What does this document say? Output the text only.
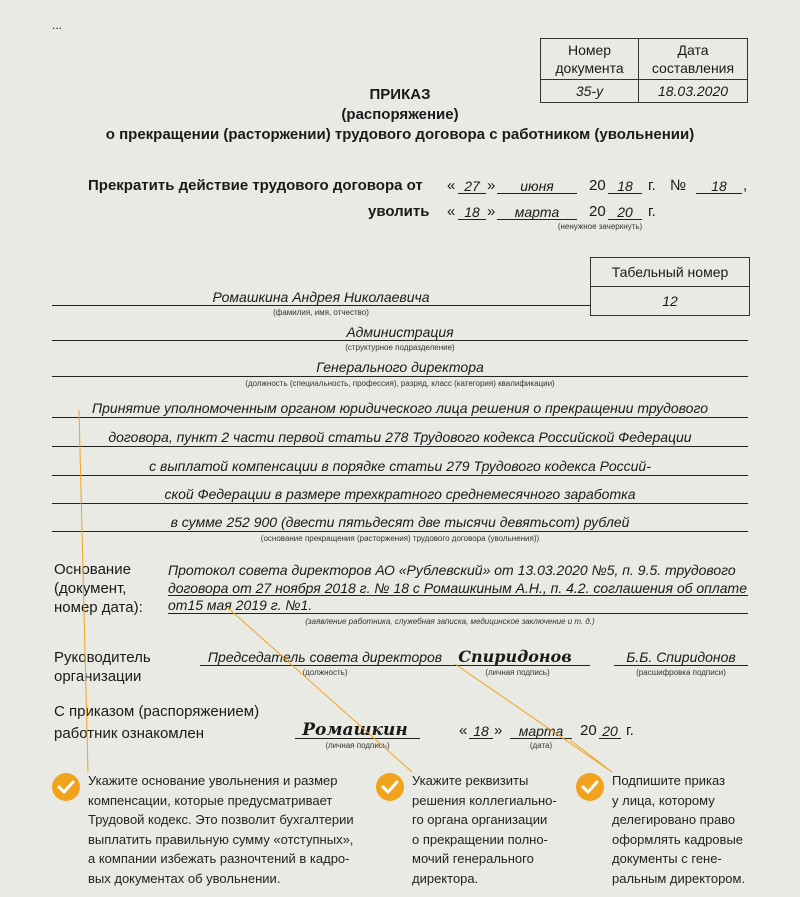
...
Номер
документа	Дата
составления
35-у	18.03.2020
ПРИКАЗ
(распоряжение)
о прекращении (расторжении) трудового договора с работником (увольнении)
Прекратить действие трудового договора от « 27 »	июня	20 18	г. №	18	,
уволить « 18 »	марта	20 20	г.
(ненужное зачеркнуть)
Табельный номер
12
Ромашкина Андрея Николаевича
(фамилия, имя, отчество)
Администрация
(структурное подразделение)
Генерального директора
(должность (специальность, профессия), разряд, класс (категория) квалификации)
Принятие уполномоченным органом юридического лица решения о прекращении трудового
договора, пункт 2 части первой статьи 278 Трудового кодекса Российской Федерации
с выплатой компенсации в порядке статьи 279 Трудового кодекса Россий-
ской Федерации в размере трехкратного среднемесячного заработка
в сумме 252 900 (двести пятьдесят две тысячи девятьсот) рублей
(основание прекращения (расторжения) трудового договора (увольнения))
Основание
(документ,
номер дата):
Протокол совета директоров АО «Рублевский» от 13.03.2020 №5, п. 9.5. трудового
договора от 27 ноября 2018 г. № 18 с Ромашкиным А.Н., п. 4.2. соглашения об оплате
от15 мая 2019 г. №1.
(заявление работника, служебная записка, медицинское заключение и т. д.)
Руководитель
организации
Председатель совета директоров
(должность)
Спиридонов
(личная подпись)
Б.Б. Спиридонов
(расшифровка подписи)
С приказом (распоряжением)
работник ознакомлен	Ромашкин
(личная подпись)
« 18 »	марта
(дата)
20 20 г.
Укажите основание увольнения и размер
компенсации, которые предусматривает
Трудовой кодекс. Это позволит бухгалтерии
выплатить правильную сумму «отступных»,
а компании избежать разночтений в кадро-
вых документах об увольнении.
Укажите реквизиты
решения коллегиально-
го органа организации
о прекращении полно-
мочий генерального
директора.
Подпишите приказ
у лица, которому
делегировано право
оформлять кадровые
документы с генe-
ральным директором.
